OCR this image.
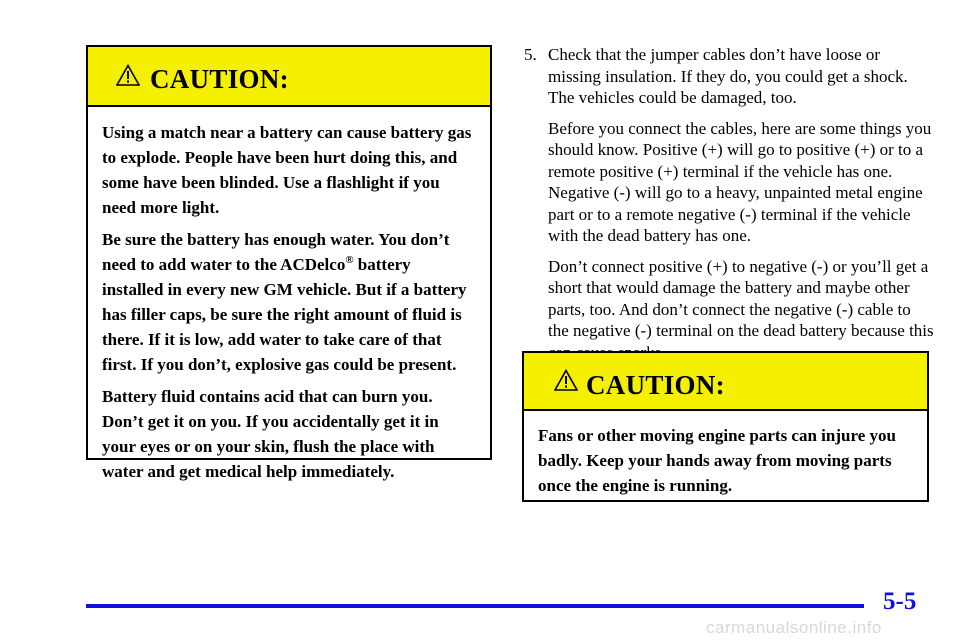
CAUTION:

Using a match near a battery can cause battery gas to explode. People have been hurt doing this, and some have been blinded. Use a flashlight if you need more light.

Be sure the battery has enough water. You don’t need to add water to the ACDelco® battery installed in every new GM vehicle. But if a battery has filler caps, be sure the right amount of fluid is there. If it is low, add water to take care of that first. If you don’t, explosive gas could be present.

Battery fluid contains acid that can burn you. Don’t get it on you. If you accidentally get it in your eyes or on your skin, flush the place with water and get medical help immediately.

5. Check that the jumper cables don’t have loose or missing insulation. If they do, you could get a shock. The vehicles could be damaged, too.

Before you connect the cables, here are some things you should know. Positive (+) will go to positive (+) or to a remote positive (+) terminal if the vehicle has one. Negative (-) will go to a heavy, unpainted metal engine part or to a remote negative (-) terminal if the vehicle with the dead battery has one.

Don’t connect positive (+) to negative (-) or you’ll get a short that would damage the battery and maybe other parts, too. And don’t connect the negative (-) cable to the negative (-) terminal on the dead battery because this

CAUTION:

Fans or other moving engine parts can injure you badly. Keep your hands away from moving parts once the engine is running.

5-5
carmanualsonline.info
